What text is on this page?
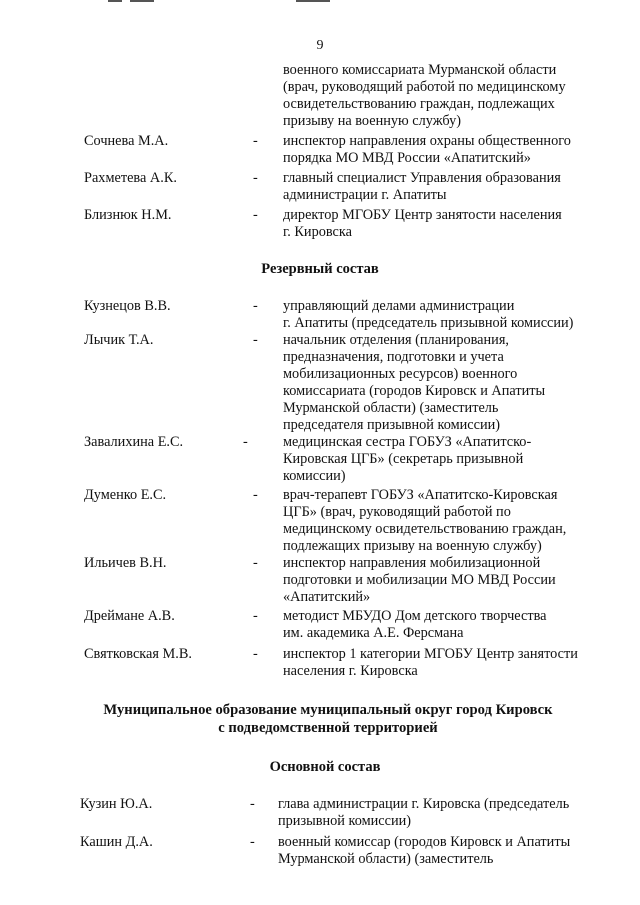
9
военного комиссариата Мурманской области
(врач, руководящий работой по медицинскому
освидетельствованию граждан, подлежащих
призыву на военную службу)
Сочнева М.А.	- инспектор направления охраны общественного
порядка МО МВД России «Апатитский»
Рахметева А.К.	- главный специалист Управления образования
администрации г. Апатиты
Близнюк Н.М.	- директор МГОБУ Центр занятости населения
г. Кировска
Резервный состав
Кузнецов В.В.	- управляющий делами администрации
г. Апатиты (председатель призывной комиссии)
Лычик Т.А.	- начальник отделения (планирования,
предназначения, подготовки и учета
мобилизационных ресурсов) военного
комиссариата (городов Кировск и Апатиты
Мурманской области) (заместитель
председателя призывной комиссии)
Завалихина Е.С.	- медицинская сестра ГОБУЗ «Апатитско-
Кировская ЦГБ» (секретарь призывной
комиссии)
Думенко Е.С.	- врач-терапевт ГОБУЗ «Апатитско-Кировская
ЦГБ» (врач, руководящий работой по
медицинскому освидетельствованию граждан,
подлежащих призыву на военную службу)
Ильичев В.Н.	- инспектор направления мобилизационной
подготовки и мобилизации МО МВД России
«Апатитский»
Дреймане А.В.	- методист МБУДО Дом детского творчества
им. академика А.Е. Ферсмана
Святковская М.В.	- инспектор 1 категории МГОБУ Центр занятости
населения г. Кировска
Муниципальное образование муниципальный округ город Кировск
с подведомственной территорией
Основной состав
Кузин Ю.А.	- глава администрации г. Кировска (председатель
призывной комиссии)
Кашин Д.А.	- военный комиссар (городов Кировск и Апатиты
Мурманской области) (заместитель
